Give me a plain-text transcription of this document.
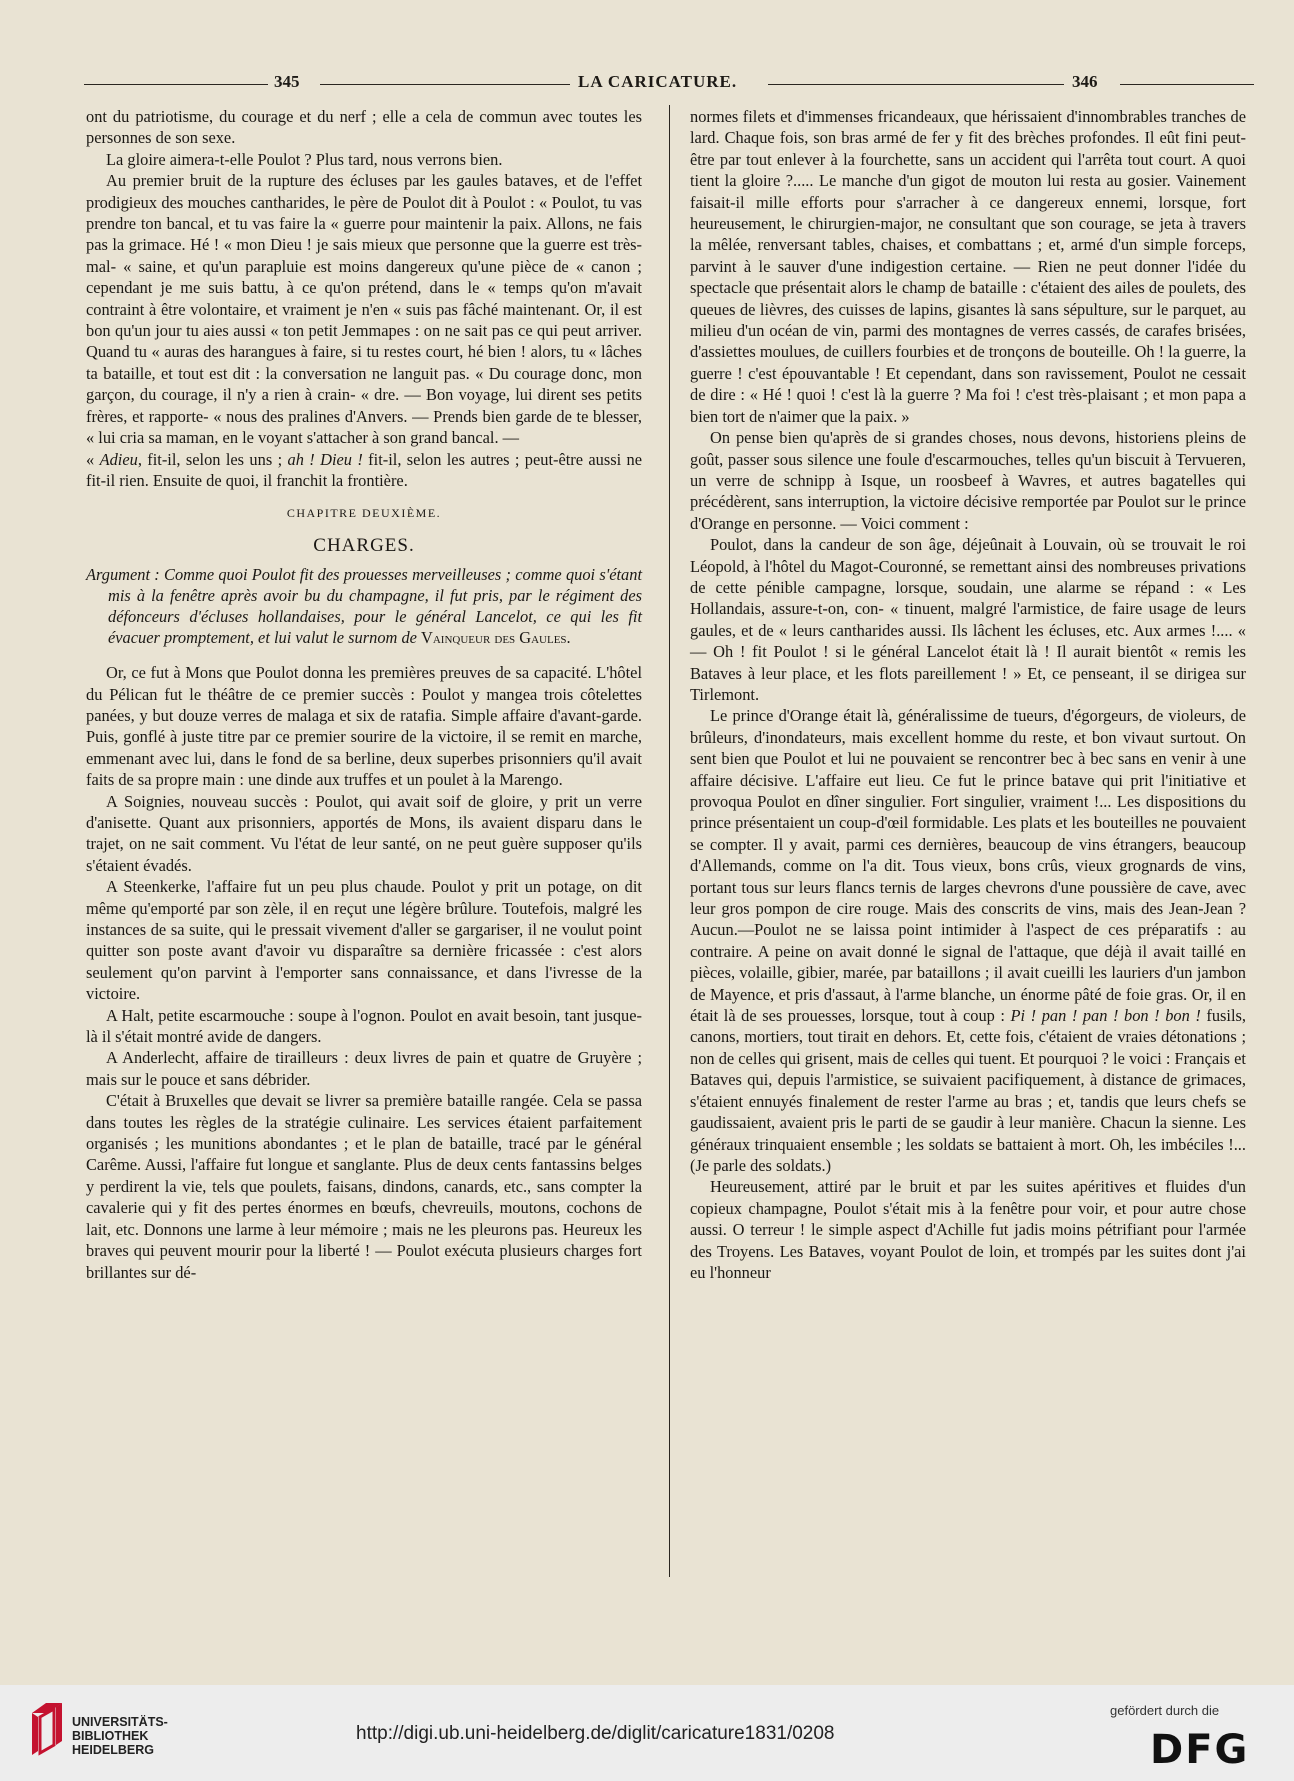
345	LA CARICATURE.	346

ont du patriotisme, du courage et du nerf ; elle a cela de commun avec toutes les personnes de son sexe.

La gloire aimera-t-elle Poulot ? Plus tard, nous verrons bien.

Au premier bruit de la rupture des écluses par les gaules bataves, et de l'effet prodigieux des mouches cantharides, le père de Poulot dit à Poulot : « Poulot, tu vas prendre ton bancal, et tu vas faire la « guerre pour maintenir la paix. Allons, ne fais pas la grimace. Hé ! « mon Dieu ! je sais mieux que personne que la guerre est très-mal- « saine, et qu'un parapluie est moins dangereux qu'une pièce de « canon ; cependant je me suis battu, à ce qu'on prétend, dans le « temps qu'on m'avait contraint à être volontaire, et vraiment je n'en « suis pas fâché maintenant. Or, il est bon qu'un jour tu aies aussi « ton petit Jemmapes : on ne sait pas ce qui peut arriver. Quand tu « auras des harangues à faire, si tu restes court, hé bien ! alors, tu « lâches ta bataille, et tout est dit : la conversation ne languit pas. « Du courage donc, mon garçon, du courage, il n'y a rien à crain- « dre. — Bon voyage, lui dirent ses petits frères, et rapporte- « nous des pralines d'Anvers. — Prends bien garde de te blesser, « lui cria sa maman, en le voyant s'attacher à son grand bancal. —

« Adieu, fit-il, selon les uns ; ah ! Dieu ! fit-il, selon les autres ; peut-être aussi ne fit-il rien. Ensuite de quoi, il franchit la frontière.

CHAPITRE DEUXIÈME.
CHARGES.
Argument : Comme quoi Poulot fit des prouesses merveilleuses ; comme quoi s'étant mis à la fenêtre après avoir bu du champagne, il fut pris, par le régiment des défonceurs d'écluses hollandaises, pour le général Lancelot, ce qui les fit évacuer promptement, et lui valut le surnom de Vainqueur des Gaules.

Or, ce fut à Mons que Poulot donna les premières preuves de sa capacité. L'hôtel du Pélican fut le théâtre de ce premier succès : Poulot y mangea trois côtelettes panées, y but douze verres de malaga et six de ratafia. Simple affaire d'avant-garde. Puis, gonflé à juste titre par ce premier sourire de la victoire, il se remit en marche, emmenant avec lui, dans le fond de sa berline, deux superbes prisonniers qu'il avait faits de sa propre main : une dinde aux truffes et un poulet à la Marengo.

A Soignies, nouveau succès : Poulot, qui avait soif de gloire, y prit un verre d'anisette. Quant aux prisonniers, apportés de Mons, ils avaient disparu dans le trajet, on ne sait comment. Vu l'état de leur santé, on ne peut guère supposer qu'ils s'étaient évadés.

A Steenkerke, l'affaire fut un peu plus chaude. Poulot y prit un potage, on dit même qu'emporté par son zèle, il en reçut une légère brûlure. Toutefois, malgré les instances de sa suite, qui le pressait vivement d'aller se gargariser, il ne voulut point quitter son poste avant d'avoir vu disparaître sa dernière fricassée : c'est alors seulement qu'on parvint à l'emporter sans connaissance, et dans l'ivresse de la victoire.

A Halt, petite escarmouche : soupe à l'ognon. Poulot en avait besoin, tant jusque-là il s'était montré avide de dangers.

A Anderlecht, affaire de tirailleurs : deux livres de pain et quatre de Gruyère ; mais sur le pouce et sans débrider.

C'était à Bruxelles que devait se livrer sa première bataille rangée. Cela se passa dans toutes les règles de la stratégie culinaire. Les services étaient parfaitement organisés ; les munitions abondantes ; et le plan de bataille, tracé par le général Carême. Aussi, l'affaire fut longue et sanglante. Plus de deux cents fantassins belges y perdirent la vie, tels que poulets, faisans, dindons, canards, etc., sans compter la cavalerie qui y fit des pertes énormes en bœufs, chevreuils, moutons, cochons de lait, etc. Donnons une larme à leur mémoire ; mais ne les pleurons pas. Heureux les braves qui peuvent mourir pour la liberté ! — Poulot exécuta plusieurs charges fort brillantes sur dé-

normes filets et d'immenses fricandeaux, que hérissaient d'innombrables tranches de lard. Chaque fois, son bras armé de fer y fit des brèches profondes. Il eût fini peut-être par tout enlever à la fourchette, sans un accident qui l'arrêta tout court. A quoi tient la gloire ?..... Le manche d'un gigot de mouton lui resta au gosier. Vainement faisait-il mille efforts pour s'arracher à ce dangereux ennemi, lorsque, fort heureusement, le chirurgien-major, ne consultant que son courage, se jeta à travers la mêlée, renversant tables, chaises, et combattans ; et, armé d'un simple forceps, parvint à le sauver d'une indigestion certaine. — Rien ne peut donner l'idée du spectacle que présentait alors le champ de bataille : c'étaient des ailes de poulets, des queues de lièvres, des cuisses de lapins, gisantes là sans sépulture, sur le parquet, au milieu d'un océan de vin, parmi des montagnes de verres cassés, de carafes brisées, d'assiettes moulues, de cuillers fourbies et de tronçons de bouteille. Oh ! la guerre, la guerre ! c'est épouvantable ! Et cependant, dans son ravissement, Poulot ne cessait de dire : « Hé ! quoi ! c'est là la guerre ? Ma foi ! c'est très-plaisant ; et mon papa a bien tort de n'aimer que la paix. »

On pense bien qu'après de si grandes choses, nous devons, historiens pleins de goût, passer sous silence une foule d'escarmouches, telles qu'un biscuit à Tervueren, un verre de schnipp à Isque, un roosbeef à Wavres, et autres bagatelles qui précédèrent, sans interruption, la victoire décisive remportée par Poulot sur le prince d'Orange en personne. — Voici comment :

Poulot, dans la candeur de son âge, déjeûnait à Louvain, où se trouvait le roi Léopold, à l'hôtel du Magot-Couronné, se remettant ainsi des nombreuses privations de cette pénible campagne, lorsque, soudain, une alarme se répand : « Les Hollandais, assure-t-on, con- « tinuent, malgré l'armistice, de faire usage de leurs gaules, et de « leurs cantharides aussi. Ils lâchent les écluses, etc. Aux armes !.... « — Oh ! fit Poulot ! si le général Lancelot était là ! Il aurait bientôt « remis les Bataves à leur place, et les flots pareillement ! » Et, ce penseant, il se dirigea sur Tirlemont.

Le prince d'Orange était là, généralissime de tueurs, d'égorgeurs, de violeurs, de brûleurs, d'inondateurs, mais excellent homme du reste, et bon vivaut surtout. On sent bien que Poulot et lui ne pouvaient se rencontrer bec à bec sans en venir à une affaire décisive. L'affaire eut lieu. Ce fut le prince batave qui prit l'initiative et provoqua Poulot en dîner singulier. Fort singulier, vraiment !... Les dispositions du prince présentaient un coup-d'œil formidable. Les plats et les bouteilles ne pouvaient se compter. Il y avait, parmi ces dernières, beaucoup de vins étrangers, beaucoup d'Allemands, comme on l'a dit. Tous vieux, bons crûs, vieux grognards de vins, portant tous sur leurs flancs ternis de larges chevrons d'une poussière de cave, avec leur gros pompon de cire rouge. Mais des conscrits de vins, mais des Jean-Jean ? Aucun.—Poulot ne se laissa point intimider à l'aspect de ces préparatifs : au contraire. A peine on avait donné le signal de l'attaque, que déjà il avait taillé en pièces, volaille, gibier, marée, par bataillons ; il avait cueilli les lauriers d'un jambon de Mayence, et pris d'assaut, à l'arme blanche, un énorme pâté de foie gras. Or, il en était là de ses prouesses, lorsque, tout à coup : Pi ! pan ! pan ! bon ! bon ! fusils, canons, mortiers, tout tirait en dehors. Et, cette fois, c'étaient de vraies détonations ; non de celles qui grisent, mais de celles qui tuent. Et pourquoi ? le voici : Français et Bataves qui, depuis l'armistice, se suivaient pacifiquement, à distance de grimaces, s'étaient ennuyés finalement de rester l'arme au bras ; et, tandis que leurs chefs se gaudissaient, avaient pris le parti de se gaudir à leur manière. Chacun la sienne. Les généraux trinquaient ensemble ; les soldats se battaient à mort. Oh, les imbéciles !... (Je parle des soldats.)

Heureusement, attiré par le bruit et par les suites apéritives et fluides d'un copieux champagne, Poulot s'était mis à la fenêtre pour voir, et pour autre chose aussi. O terreur ! le simple aspect d'Achille fut jadis moins pétrifiant pour l'armée des Troyens. Les Bataves, voyant Poulot de loin, et trompés par les suites dont j'ai eu l'honneur

UNIVERSITÄTS-
BIBLIOTHEK
HEIDELBERG
http://digi.ub.uni-heidelberg.de/diglit/caricature1831/0208
gefördert durch die
DFG
